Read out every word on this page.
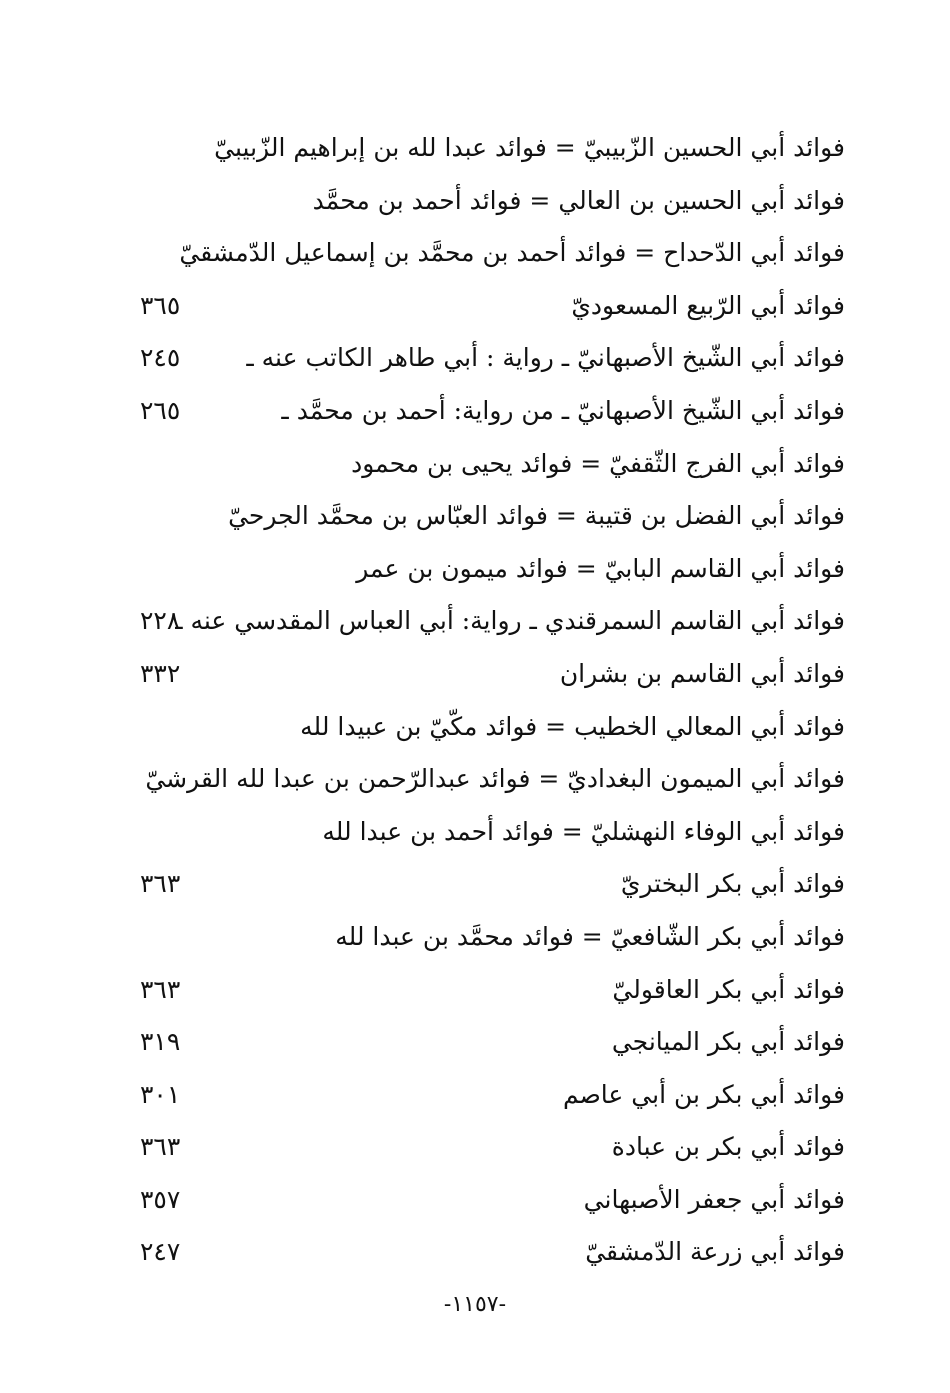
فوائد أبي الحسين الزّبيبيّ = فوائد عبدا لله بن إبراهيم الزّبيبيّ
فوائد أبي الحسين بن العالي = فوائد أحمد بن محمَّد
فوائد أبي الدّحداح = فوائد أحمد بن محمَّد بن إسماعيل الدّمشقيّ
فوائد أبي الرّبيع المسعوديّ
٣٦٥
فوائد أبي الشّيخ الأصبهانيّ ـ رواية : أبي طاهر الكاتب عنه ـ
٢٤٥
فوائد أبي الشّيخ الأصبهانيّ ـ من رواية: أحمد بن محمَّد ـ
٢٦٥
فوائد أبي الفرج الثّقفيّ = فوائد يحيى بن محمود
فوائد أبي الفضل بن قتيبة = فوائد العبّاس بن محمَّد الجرحيّ
فوائد أبي القاسم البابيّ = فوائد ميمون بن عمر
فوائد أبي القاسم السمرقندي ـ رواية: أبي العباس المقدسي عنه ـ
٢٢٨
فوائد أبي القاسم بن بشران
٣٣٢
فوائد أبي المعالي الخطيب = فوائد مكّيّ بن عبيدا لله
فوائد أبي الميمون البغداديّ = فوائد عبدالرّحمن بن عبدا لله القرشيّ
فوائد أبي الوفاء النهشليّ = فوائد أحمد بن عبدا لله
فوائد أبي بكر البختريّ
٣٦٣
فوائد أبي بكر الشّافعيّ = فوائد محمَّد بن عبدا لله
فوائد أبي بكر العاقوليّ
٣٦٣
فوائد أبي بكر الميانجي
٣١٩
فوائد أبي بكر بن أبي عاصم
٣٠١
فوائد أبي بكر بن عبادة
٣٦٣
فوائد أبي جعفر الأصبهاني
٣٥٧
فوائد أبي زرعة الدّمشقيّ
٢٤٧
-١١٥٧-
